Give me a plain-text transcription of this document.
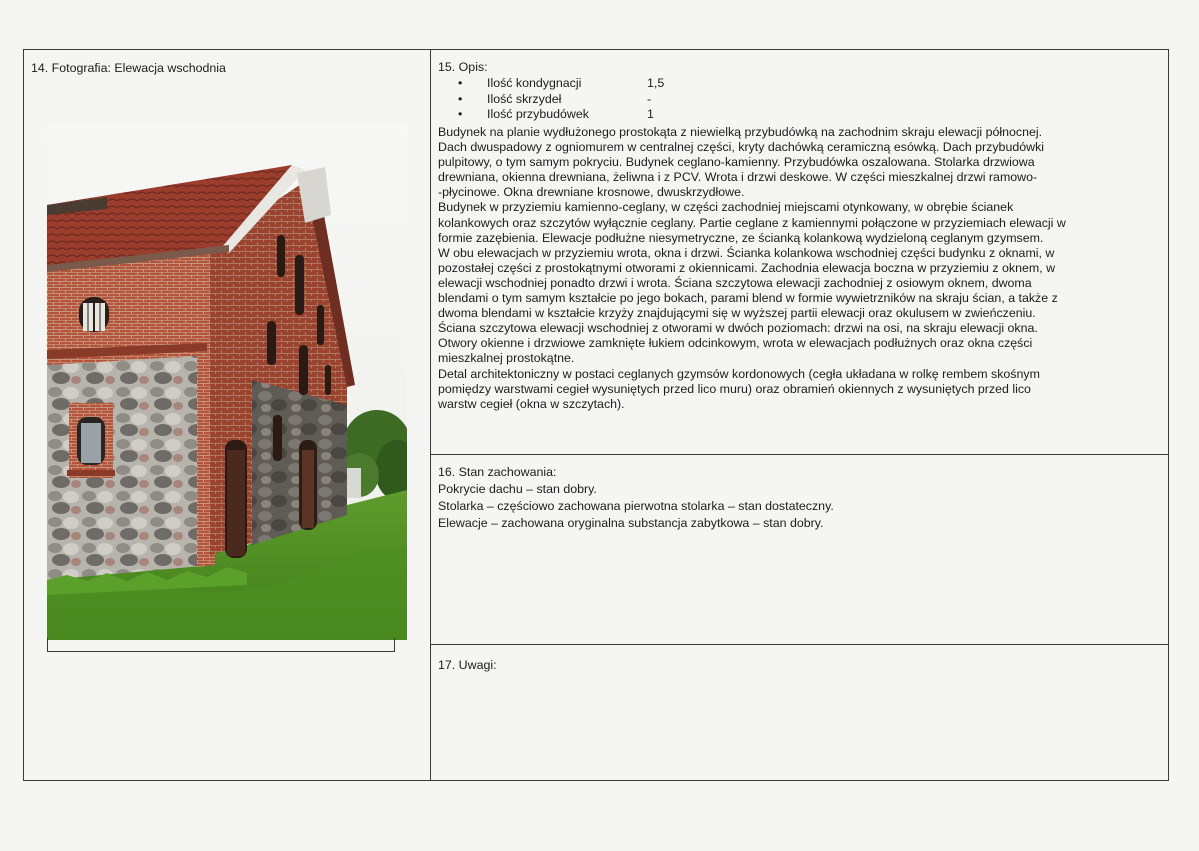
14. Fotografia: Elewacja wschodnia	15. Opis:
• Ilość kondygnacji	1,5
• Ilość skrzydeł	-
• Ilość przybudówek	1
Budynek na planie wydłużonego prostokąta z niewielką przybudówką na zachodnim skraju elewacji północnej.
Dach dwuspadowy z ogniomurem w centralnej części, kryty dachówką ceramiczną esówką. Dach przybudówki
pulpitowy, o tym samym pokryciu. Budynek ceglano-kamienny. Przybudówka oszalowana. Stolarka drzwiowa
drewniana, okienna drewniana, żeliwna i z PCV. Wrota i drzwi deskowe. W części mieszkalnej drzwi ramowo-
-płycinowe. Okna drewniane krosnowe, dwuskrzydłowe.
Budynek w przyziemiu kamienno-ceglany, w części zachodniej miejscami otynkowany, w obrębie ścianek
kolankowych oraz szczytów wyłącznie ceglany. Partie ceglane z kamiennymi połączone w przyziemiach elewacji w
formie zazębienia. Elewacje podłużne niesymetryczne, ze ścianką kolankową wydzieloną ceglanym gzymsem.
W obu elewacjach w przyziemiu wrota, okna i drzwi. Ścianka kolankowa wschodniej części budynku z oknami, w
pozostałej części z prostokątnymi otworami z okiennicami. Zachodnia elewacja boczna w przyziemiu z oknem, w
elewacji wschodniej ponadto drzwi i wrota. Ściana szczytowa elewacji zachodniej z osiowym oknem, dwoma
blendami o tym samym kształcie po jego bokach, parami blend w formie wywietrzników na skraju ścian, a także z
dwoma blendami w kształcie krzyży znajdującymi się w wyższej partii elewacji oraz okulusem w zwieńczeniu.
Ściana szczytowa elewacji wschodniej z otworami w dwóch poziomach: drzwi na osi, na skraju elewacji okna.
Otwory okienne i drzwiowe zamknięte łukiem odcinkowym, wrota w elewacjach podłużnych oraz okna części
mieszkalnej prostokątne.
Detal architektoniczny w postaci ceglanych gzymsów kordonowych (cegła układana w rolkę rembem skośnym
pomiędzy warstwami cegieł wysuniętych przed lico muru) oraz obramień okiennych z wysuniętych przed lico
warstw cegieł (okna w szczytach).
16. Stan zachowania:
Pokrycie dachu – stan dobry.
Stolarka – częściowo zachowana pierwotna stolarka – stan dostateczny.
Elewacje – zachowana oryginalna substancja zabytkowa – stan dobry.
17. Uwagi:
